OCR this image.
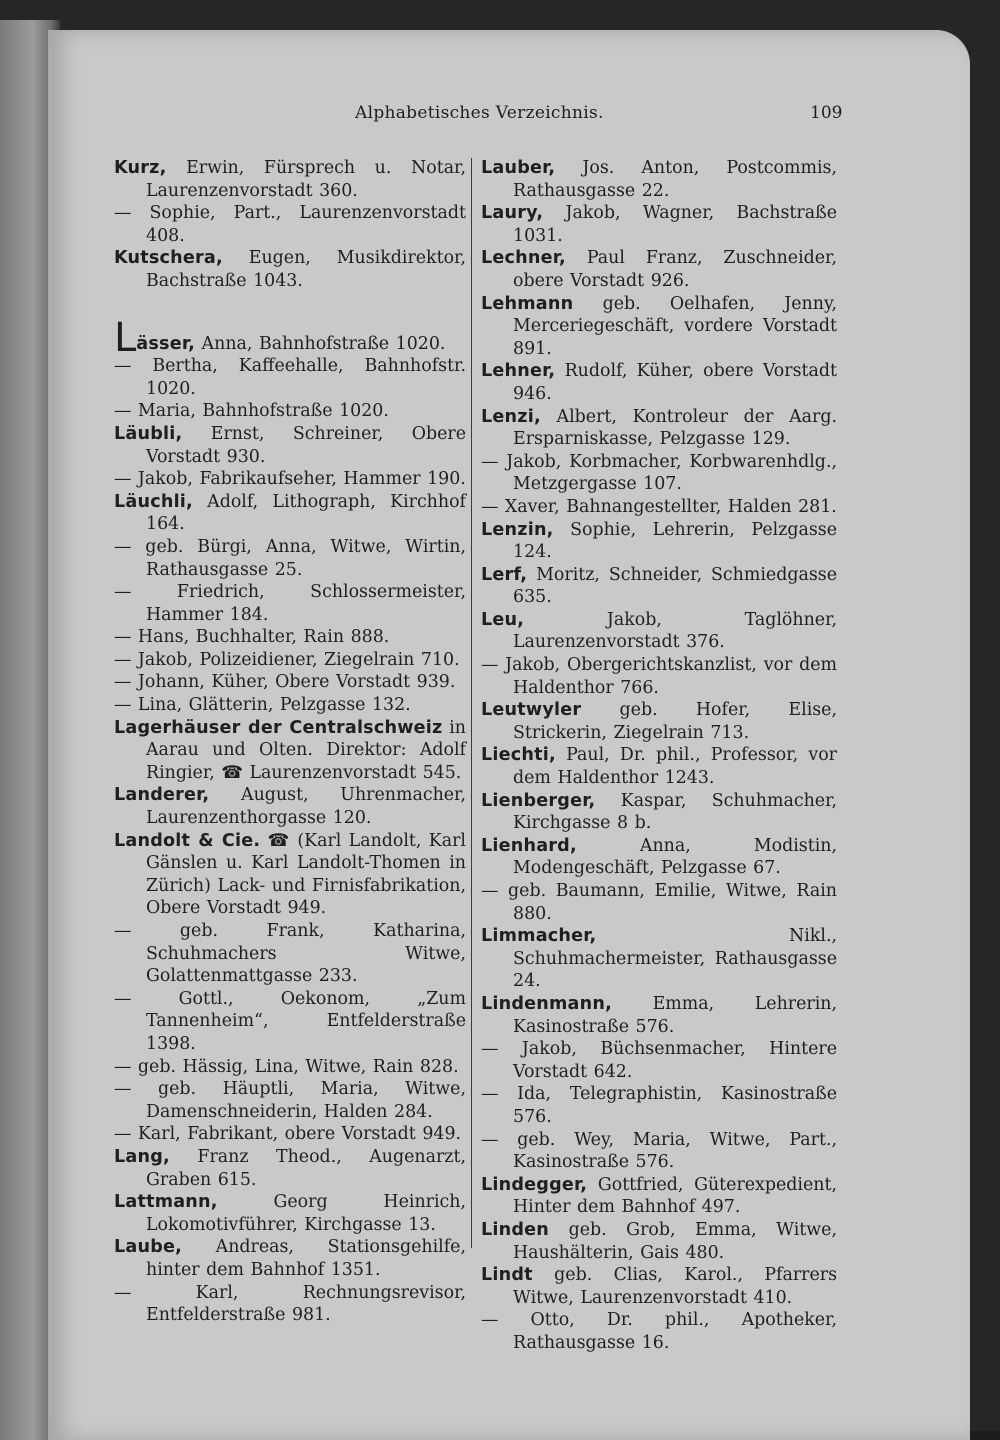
Alphabetisches Verzeichnis.	109

Kurz, Erwin, Fürsprech u. Notar, Laurenzenvorstadt 360.

— Sophie, Part., Laurenzenvorstadt 408.

Kutschera, Eugen, Musikdirektor, Bachstraße 1043.

Lässer, Anna, Bahnhofstraße 1020.

— Bertha, Kaffeehalle, Bahnhofstr. 1020.

— Maria, Bahnhofstraße 1020.

Läubli, Ernst, Schreiner, Obere Vorstadt 930.

— Jakob, Fabrikaufseher, Hammer 190.

Läuchli, Adolf, Lithograph, Kirchhof 164.

— geb. Bürgi, Anna, Witwe, Wirtin, Rathausgasse 25.

— Friedrich, Schlossermeister, Hammer 184.

— Hans, Buchhalter, Rain 888.

— Jakob, Polizeidiener, Ziegelrain 710.

— Johann, Küher, Obere Vorstadt 939.

— Lina, Glätterin, Pelzgasse 132.

Lagerhäuser der Centralschweiz in Aarau und Olten. Direktor: Adolf Ringier, ☎ Laurenzenvorstadt 545.

Landerer, August, Uhrenmacher, Laurenzenthorgasse 120.

Landolt & Cie. ☎ (Karl Landolt, Karl Gänslen u. Karl Landolt-Thomen in Zürich) Lack- und Firnisfabrikation, Obere Vorstadt 949.

— geb. Frank, Katharina, Schuhmachers Witwe, Golattenmattgasse 233.

— Gottl., Oekonom, „Zum Tannenheim“, Entfelderstraße 1398.

— geb. Hässig, Lina, Witwe, Rain 828.

— geb. Häuptli, Maria, Witwe, Damenschneiderin, Halden 284.

— Karl, Fabrikant, obere Vorstadt 949.

Lang, Franz Theod., Augenarzt, Graben 615.

Lattmann, Georg Heinrich, Lokomotivführer, Kirchgasse 13.

Laube, Andreas, Stationsgehilfe, hinter dem Bahnhof 1351.

— Karl, Rechnungsrevisor, Entfelderstraße 981.

Lauber, Jos. Anton, Postcommis, Rathausgasse 22.

Laury, Jakob, Wagner, Bachstraße 1031.

Lechner, Paul Franz, Zuschneider, obere Vorstadt 926.

Lehmann geb. Oelhafen, Jenny, Merceriegeschäft, vordere Vorstadt 891.

Lehner, Rudolf, Küher, obere Vorstadt 946.

Lenzi, Albert, Kontroleur der Aarg. Ersparniskasse, Pelzgasse 129.

— Jakob, Korbmacher, Korbwarenhdlg., Metzgergasse 107.

— Xaver, Bahnangestellter, Halden 281.

Lenzin, Sophie, Lehrerin, Pelzgasse 124.

Lerf, Moritz, Schneider, Schmiedgasse 635.

Leu, Jakob, Taglöhner, Laurenzenvorstadt 376.

— Jakob, Obergerichtskanzlist, vor dem Haldenthor 766.

Leutwyler geb. Hofer, Elise, Strickerin, Ziegelrain 713.

Liechti, Paul, Dr. phil., Professor, vor dem Haldenthor 1243.

Lienberger, Kaspar, Schuhmacher, Kirchgasse 8 b.

Lienhard, Anna, Modistin, Modengeschäft, Pelzgasse 67.

— geb. Baumann, Emilie, Witwe, Rain 880.

Limmacher, Nikl., Schuhmachermeister, Rathausgasse 24.

Lindenmann, Emma, Lehrerin, Kasinostraße 576.

— Jakob, Büchsenmacher, Hintere Vorstadt 642.

— Ida, Telegraphistin, Kasinostraße 576.

— geb. Wey, Maria, Witwe, Part., Kasinostraße 576.

Lindegger, Gottfried, Güterexpedient, Hinter dem Bahnhof 497.

Linden geb. Grob, Emma, Witwe, Haushälterin, Gais 480.

Lindt geb. Clias, Karol., Pfarrers Witwe, Laurenzenvorstadt 410.

— Otto, Dr. phil., Apotheker, Rathausgasse 16.
